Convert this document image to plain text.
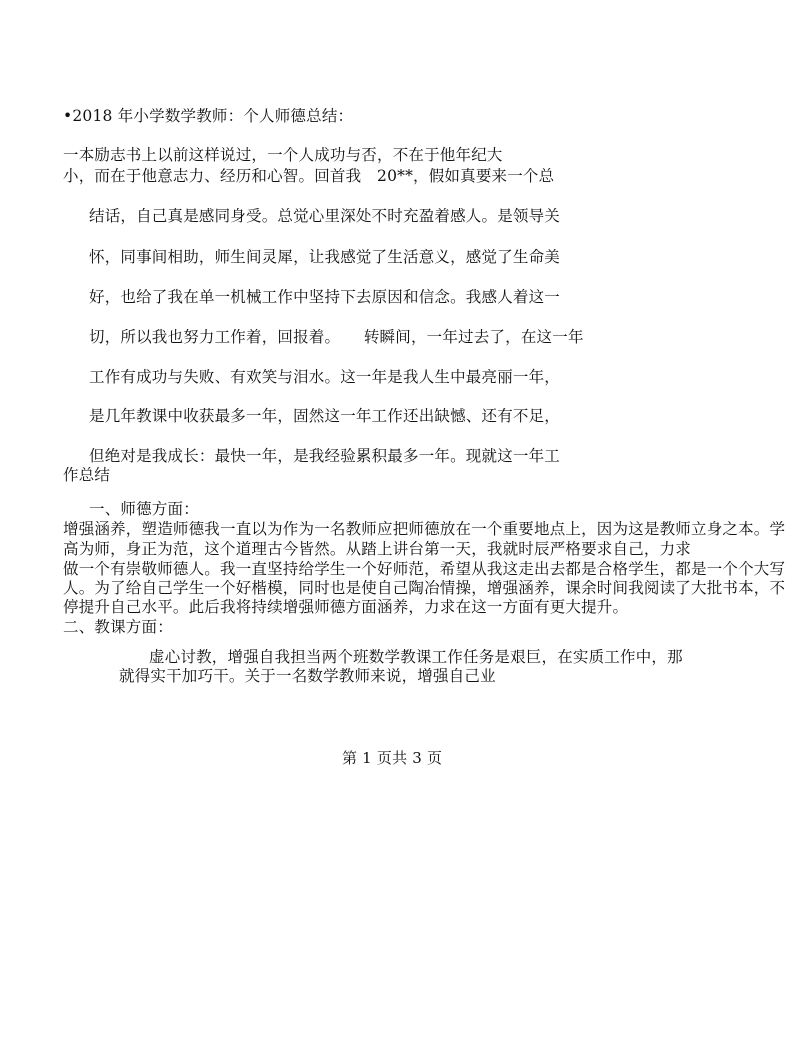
•2018 年小学数学教师：个人师德总结：
一本励志书上以前这样说过，一个人成功与否，不在于他年纪大
小，而在于他意志力、经历和心智。回首我　20**，假如真要来一个总
结话，自己真是感同身受。总觉心里深处不时充盈着感人。是领导关
怀，同事间相助，师生间灵犀，让我感觉了生活意义，感觉了生命美
好，也给了我在单一机械工作中坚持下去原因和信念。我感人着这一
切，所以我也努力工作着，回报着。　　转瞬间，一年过去了，在这一年
工作有成功与失败、有欢笑与泪水。这一年是我人生中最亮丽一年，
是几年教课中收获最多一年，固然这一年工作还出缺憾、还有不足，
但绝对是我成长：最快一年，是我经验累积最多一年。现就这一年工
作总结
一、师德方面：
增强涵养，塑造师德我一直以为作为一名教师应把师德放在一个重要地点上，因为这是教师立身之本。学
高为师，身正为范，这个道理古今皆然。从踏上讲台第一天，我就时辰严格要求自己，力求
做一个有崇敬师德人。我一直坚持给学生一个好师范，希望从我这走出去都是合格学生，都是一个个大写
人。为了给自己学生一个好楷模，同时也是使自己陶冶情操，增强涵养，课余时间我阅读了大批书本，不
停提升自己水平。此后我将持续增强师德方面涵养，力求在这一方面有更大提升。
二、教课方面：
虚心讨教，增强自我担当两个班数学教课工作任务是艰巨，在实质工作中，那
就得实干加巧干。关于一名数学教师来说，增强自己业
第 1 页共 3 页
